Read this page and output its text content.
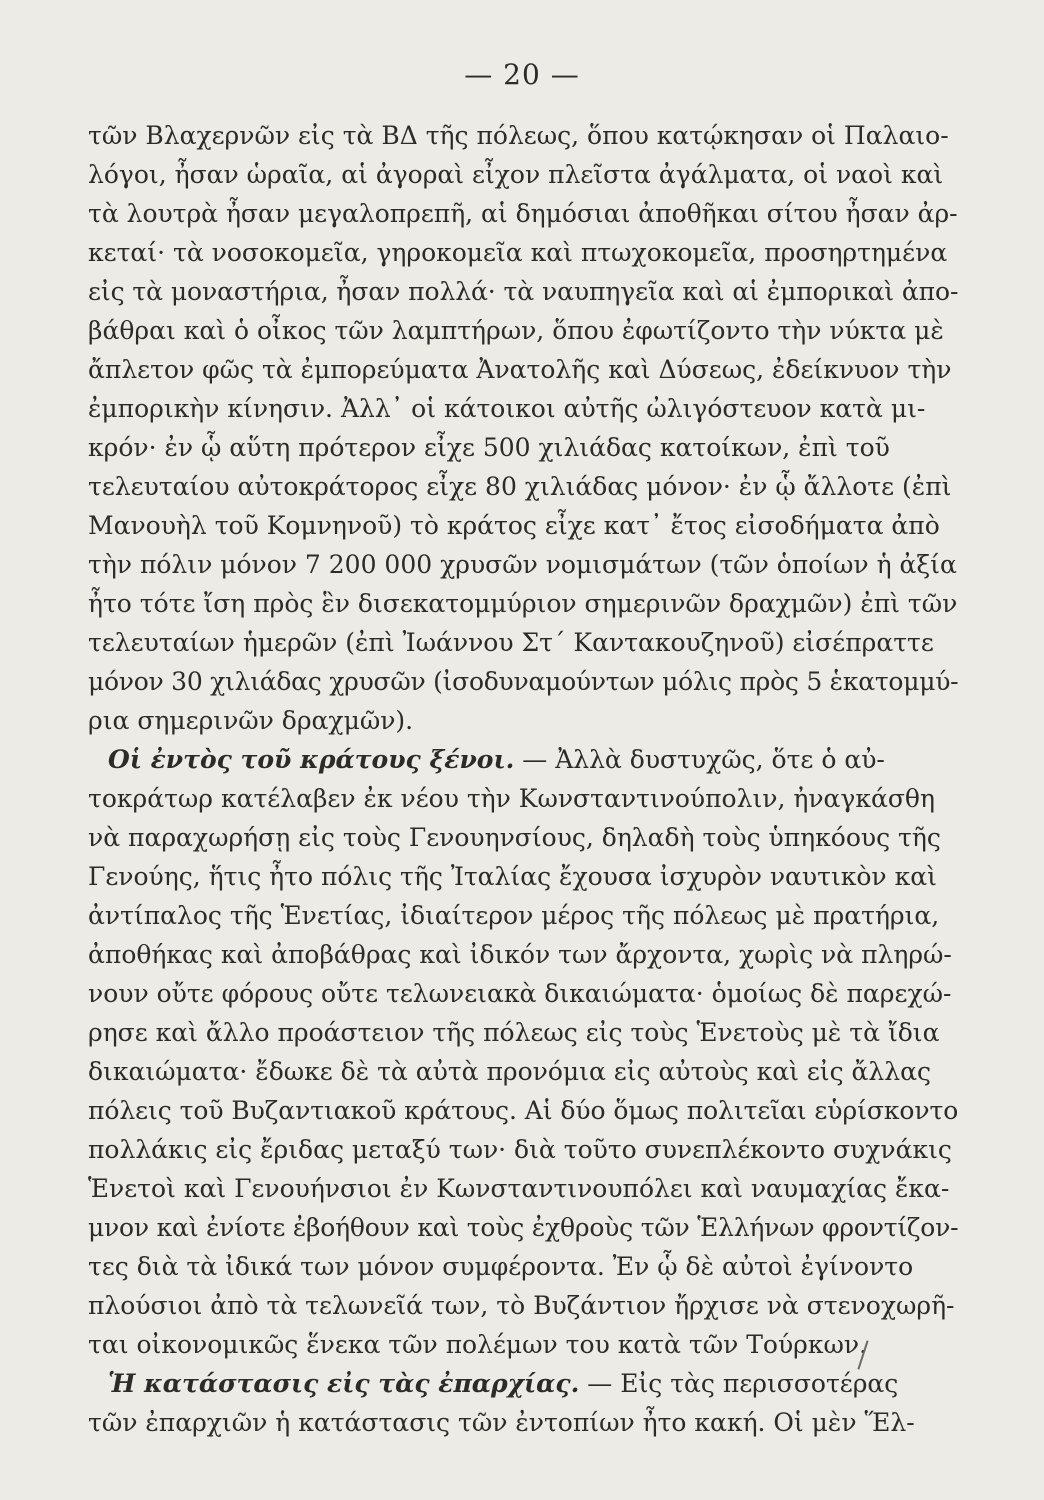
— 20 —
τῶν Βλαχερνῶν εἰς τὰ ΒΔ τῆς πόλεως, ὅπου κατῴκησαν οἱ Παλαιο-
λόγοι, ἦσαν ὡραῖα, αἱ ἀγοραὶ εἶχον πλεῖστα ἀγάλματα, οἱ ναοὶ καὶ
τὰ λουτρὰ ἦσαν μεγαλοπρεπῆ, αἱ δημόσιαι ἀποθῆκαι σίτου ἦσαν ἀρ-
κεταί· τὰ νοσοκομεῖα, γηροκομεῖα καὶ πτωχοκομεῖα, προσηρτημένα
εἰς τὰ μοναστήρια, ἦσαν πολλά· τὰ ναυπηγεῖα καὶ αἱ ἐμπορικαὶ ἀπο-
βάθραι καὶ ὁ οἶκος τῶν λαμπτήρων, ὅπου ἐφωτίζοντο τὴν νύκτα μὲ
ἄπλετον φῶς τὰ ἐμπορεύματα Ἀνατολῆς καὶ Δύσεως, ἐδείκνυον τὴν
ἐμπορικὴν κίνησιν. Ἀλλ᾽ οἱ κάτοικοι αὐτῆς ὠλιγόστευον κατὰ μι-
κρόν· ἐν ᾧ αὕτη πρότερον εἶχε 500 χιλιάδας κατοίκων, ἐπὶ τοῦ
τελευταίου αὐτοκράτορος εἶχε 80 χιλιάδας μόνον· ἐν ᾧ ἄλλοτε (ἐπὶ
Μανουὴλ τοῦ Κομνηνοῦ) τὸ κράτος εἶχε κατ᾽ ἔτος εἰσοδήματα ἀπὸ
τὴν πόλιν μόνον 7 200 000 χρυσῶν νομισμάτων (τῶν ὁποίων ἡ ἀξία
ἦτο τότε ἴση πρὸς ἓν δισεκατομμύριον σημερινῶν δραχμῶν) ἐπὶ τῶν
τελευταίων ἡμερῶν (ἐπὶ Ἰωάννου Στ´ Καντακουζηνοῦ) εἰσέπραττε
μόνον 30 χιλιάδας χρυσῶν (ἰσοδυναμούντων μόλις πρὸς 5 ἑκατομμύ-
ρια σημερινῶν δραχμῶν).
Οἱ ἐντὸς τοῦ κράτους ξένοι. — Ἀλλὰ δυστυχῶς, ὅτε ὁ αὐ-
τοκράτωρ κατέλαβεν ἐκ νέου τὴν Κωνσταντινούπολιν, ἠναγκάσθη
νὰ παραχωρήσῃ εἰς τοὺς Γενουηνσίους, δηλαδὴ τοὺς ὑπηκόους τῆς
Γενούης, ἥτις ἦτο πόλις τῆς Ἰταλίας ἔχουσα ἰσχυρὸν ναυτικὸν καὶ
ἀντίπαλος τῆς Ἑνετίας, ἰδιαίτερον μέρος τῆς πόλεως μὲ πρατήρια,
ἀποθήκας καὶ ἀποβάθρας καὶ ἰδικόν των ἄρχοντα, χωρὶς νὰ πληρώ-
νουν οὔτε φόρους οὔτε τελωνειακὰ δικαιώματα· ὁμοίως δὲ παρεχώ-
ρησε καὶ ἄλλο προάστειον τῆς πόλεως εἰς τοὺς Ἑνετοὺς μὲ τὰ ἴδια
δικαιώματα· ἔδωκε δὲ τὰ αὐτὰ προνόμια εἰς αὐτοὺς καὶ εἰς ἄλλας
πόλεις τοῦ Βυζαντιακοῦ κράτους. Αἱ δύο ὅμως πολιτεῖαι εὑρίσκοντο
πολλάκις εἰς ἔριδας μεταξύ των· διὰ τοῦτο συνεπλέκοντο συχνάκις
Ἑνετοὶ καὶ Γενουήνσιοι ἐν Κωνσταντινουπόλει καὶ ναυμαχίας ἔκα-
μνον καὶ ἐνίοτε ἐβοήθουν καὶ τοὺς ἐχθροὺς τῶν Ἑλλήνων φροντίζον-
τες διὰ τὰ ἰδικά των μόνον συμφέροντα. Ἐν ᾧ δὲ αὐτοὶ ἐγίνοντο
πλούσιοι ἀπὸ τὰ τελωνεῖά των, τὸ Βυζάντιον ἤρχισε νὰ στενοχωρῆ-
ται οἰκονομικῶς ἕνεκα τῶν πολέμων του κατὰ τῶν Τούρκων.
Ἡ κατάστασις εἰς τὰς ἐπαρχίας. — Εἰς τὰς περισσοτέρας
τῶν ἐπαρχιῶν ἡ κατάστασις τῶν ἐντοπίων ἦτο κακή. Οἱ μὲν Ἕλ-
